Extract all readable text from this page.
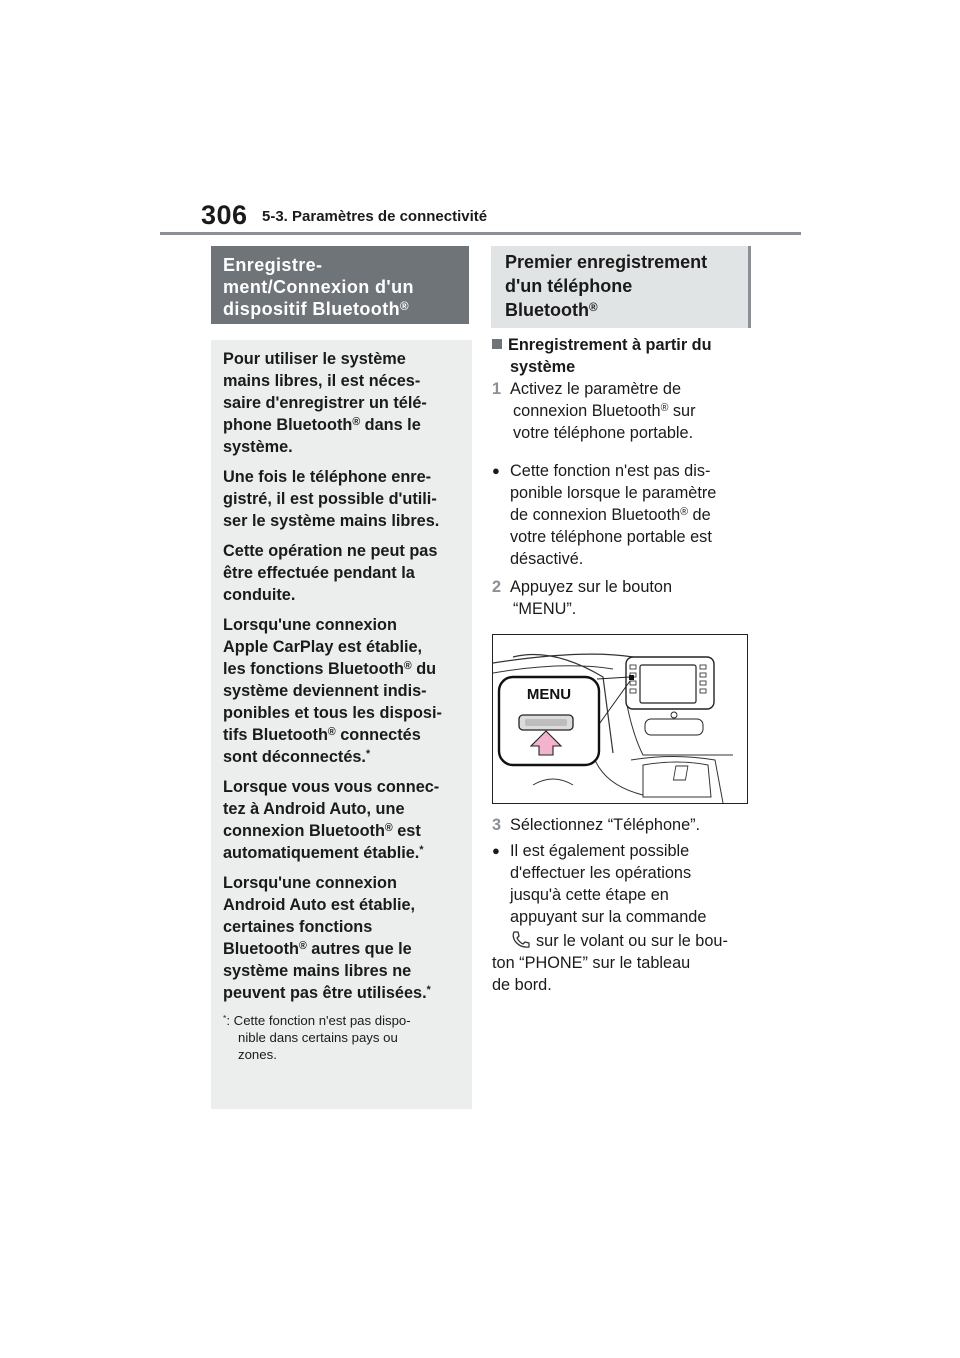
306 5-3. Paramètres de connectivité
Enregistre-
ment/Connexion d'un
dispositif Bluetooth®

Pour utiliser le système
mains libres, il est néces-
saire d'enregistrer un télé-
phone Bluetooth® dans le
système.

Une fois le téléphone enre-
gistré, il est possible d'utili-
ser le système mains libres.

Cette opération ne peut pas
être effectuée pendant la
conduite.

Lorsqu'une connexion
Apple CarPlay est établie,
les fonctions Bluetooth® du
système deviennent indis-
ponibles et tous les disposi-
tifs Bluetooth® connectés
sont déconnectés.*

Lorsque vous vous connec-
tez à Android Auto, une
connexion Bluetooth® est
automatiquement établie.*

Lorsqu'une connexion
Android Auto est établie,
certaines fonctions
Bluetooth® autres que le
système mains libres ne
peuvent pas être utilisées.*

*: Cette fonction n'est pas dispo-
nible dans certains pays ou
zones.
Premier enregistrement
d'un téléphone
Bluetooth®
Enregistrement à partir du
système
1 Activez le paramètre de
connexion Bluetooth® sur
votre téléphone portable.
● Cette fonction n'est pas dis-
ponible lorsque le paramètre
de connexion Bluetooth® de
votre téléphone portable est
désactivé.
2 Appuyez sur le bouton
“MENU”.
MENU
3 Sélectionnez “Téléphone”.
● Il est également possible
d'effectuer les opérations
jusqu'à cette étape en
appuyant sur la commande
sur le volant ou sur le bou-
ton “PHONE” sur le tableau
de bord.
